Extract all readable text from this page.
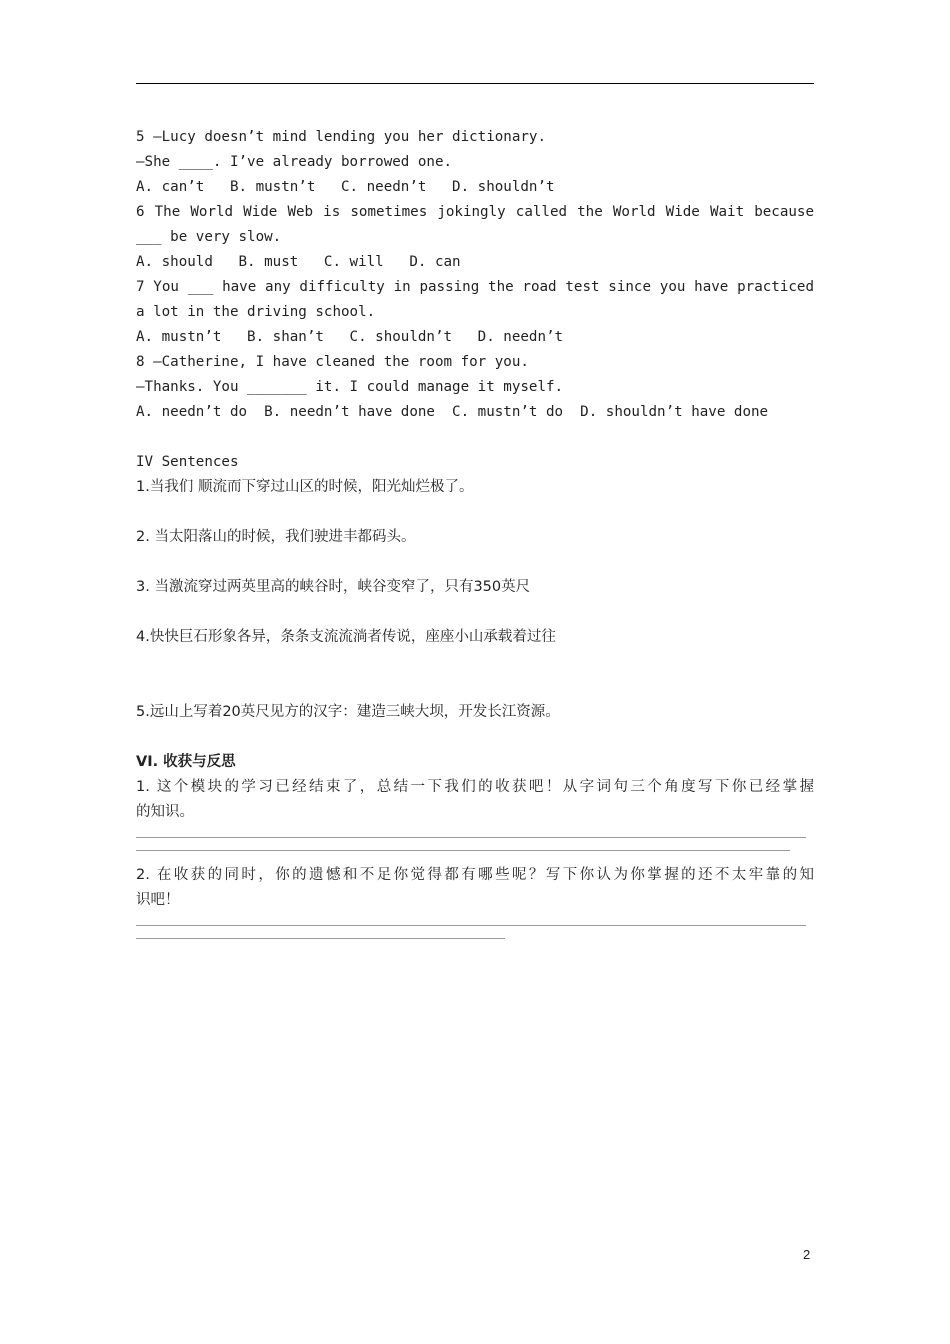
5 —Lucy doesn’t mind lending you her dictionary.
—She ____. I’ve already borrowed one.
A. can’t   B. mustn’t   C. needn’t   D. shouldn’t
6 The World Wide Web is sometimes jokingly called the World Wide Wait because
___ be very slow.
A. should   B. must   C. will   D. can
7 You ___ have any difficulty in passing the road test since you have practiced
a lot in the driving school.
A. mustn’t   B. shan’t   C. shouldn’t   D. needn’t
8 —Catherine, I have cleaned the room for you.
—Thanks. You _______ it. I could manage it myself.
A. needn’t do  B. needn’t have done  C. mustn’t do  D. shouldn’t have done
IV Sentences
1.当我们 顺流而下穿过山区的时候，阳光灿烂极了。
2. 当太阳落山的时候，我们驶进丰都码头。
3. 当激流穿过两英里高的峡谷时，峡谷变窄了，只有350英尺
4.快快巨石形象各异，条条支流流淌者传说，座座小山承载着过往
5.远山上写着20英尺见方的汉字：建造三峡大坝，开发长江资源。
VI. 收获与反思
1. 这个模块的学习已经结束了，总结一下我们的收获吧！从字词句三个角度写下你已经掌握
的知识。
2. 在收获的同时，你的遗憾和不足你觉得都有哪些呢？写下你认为你掌握的还不太牢靠的知
识吧！
2
